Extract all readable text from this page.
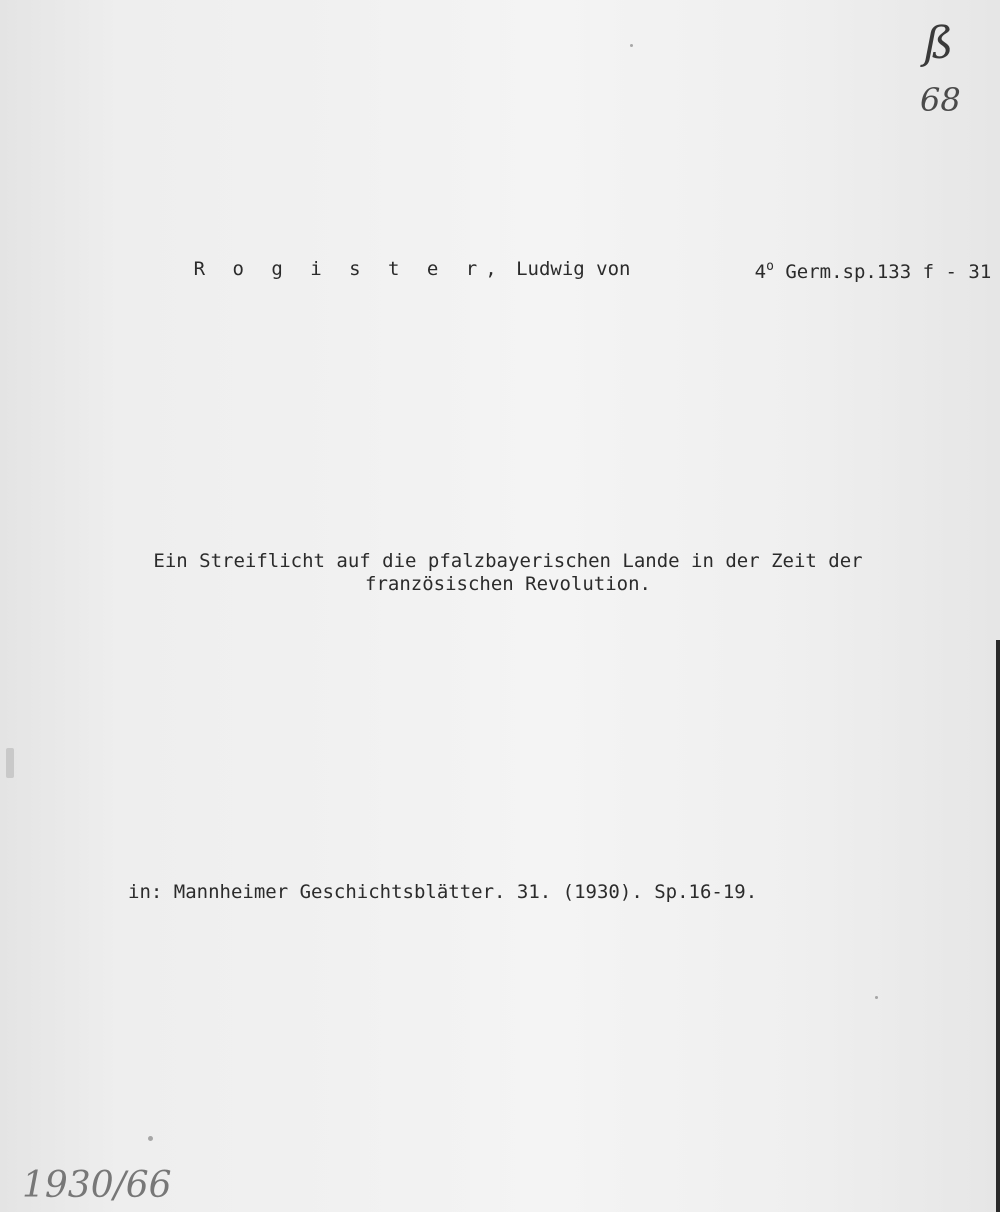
ß
68

R o g i s t e r, Ludwig von
	4$^o$ Germ.sp.133 f - 31

Ein Streiflicht auf die pfalzbayerischen Lande in der Zeit der
französischen Revolution.
in: Mannheimer Geschichtsblätter. 31. (1930). Sp.16-19.
1930/66
